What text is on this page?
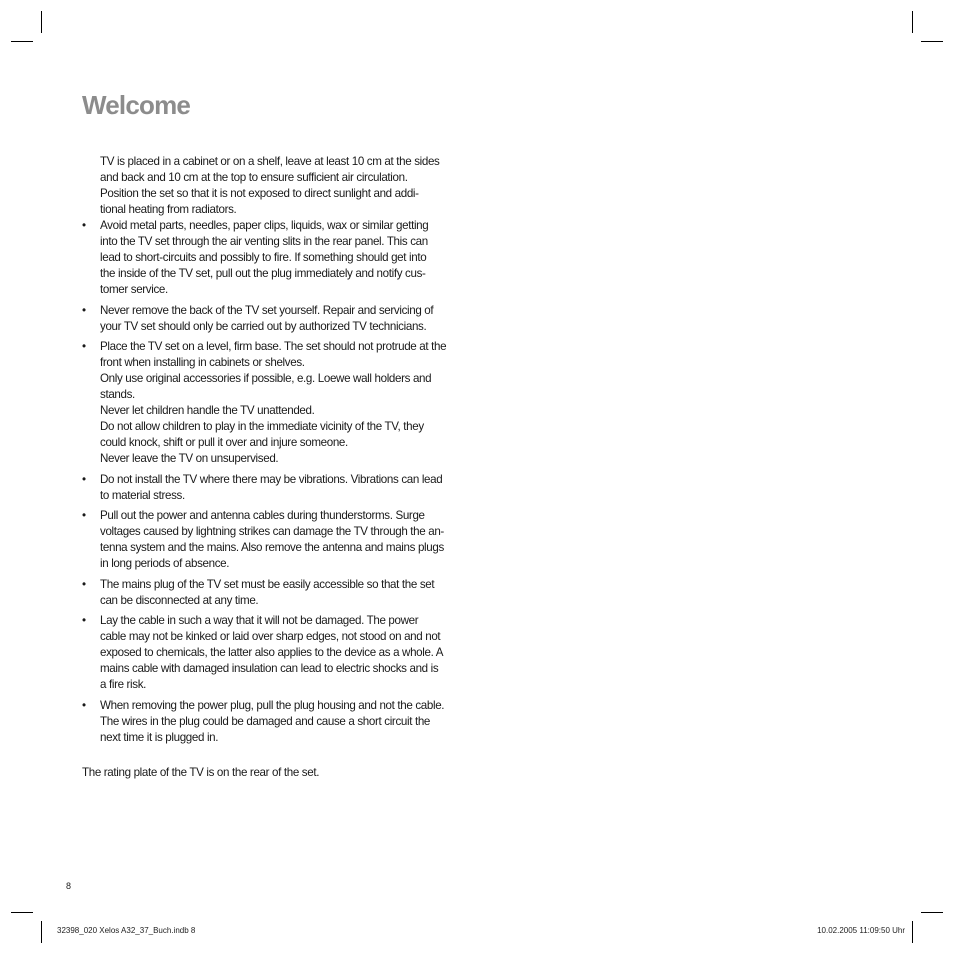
Welcome

TV is placed in a cabinet or on a shelf, leave at least 10 cm at the sides
and back and 10 cm at the top to ensure sufficient air circulation.
Position the set so that it is not exposed to direct sunlight and addi-
tional heating from radiators.

• Avoid metal parts, needles, paper clips, liquids, wax or similar getting
into the TV set through the air venting slits in the rear panel. This can
lead to short-circuits and possibly to fire. If something should get into
the inside of the TV set, pull out the plug immediately and notify cus-
tomer service.
• Never remove the back of the TV set yourself. Repair and servicing of
your TV set should only be carried out by authorized TV technicians.
• Place the TV set on a level, firm base. The set should not protrude at the
front when installing in cabinets or shelves.
Only use original accessories if possible, e.g. Loewe wall holders and
stands.
Never let children handle the TV unattended.
Do not allow children to play in the immediate vicinity of the TV, they
could knock, shift or pull it over and injure someone.
Never leave the TV on unsupervised.
• Do not install the TV where there may be vibrations. Vibrations can lead
to material stress.
• Pull out the power and antenna cables during thunderstorms. Surge
voltages caused by lightning strikes can damage the TV through the an-
tenna system and the mains. Also remove the antenna and mains plugs
in long periods of absence.
• The mains plug of the TV set must be easily accessible so that the set
can be disconnected at any time.
• Lay the cable in such a way that it will not be damaged. The power
cable may not be kinked or laid over sharp edges, not stood on and not
exposed to chemicals, the latter also applies to the device as a whole. A
mains cable with damaged insulation can lead to electric shocks and is
a fire risk.
• When removing the power plug, pull the plug housing and not the cable.
The wires in the plug could be damaged and cause a short circuit the
next time it is plugged in.

The rating plate of the TV is on the rear of the set.

8
32398_020 Xelos A32_37_Buch.indb 8	10.02.2005 11:09:50 Uhr
